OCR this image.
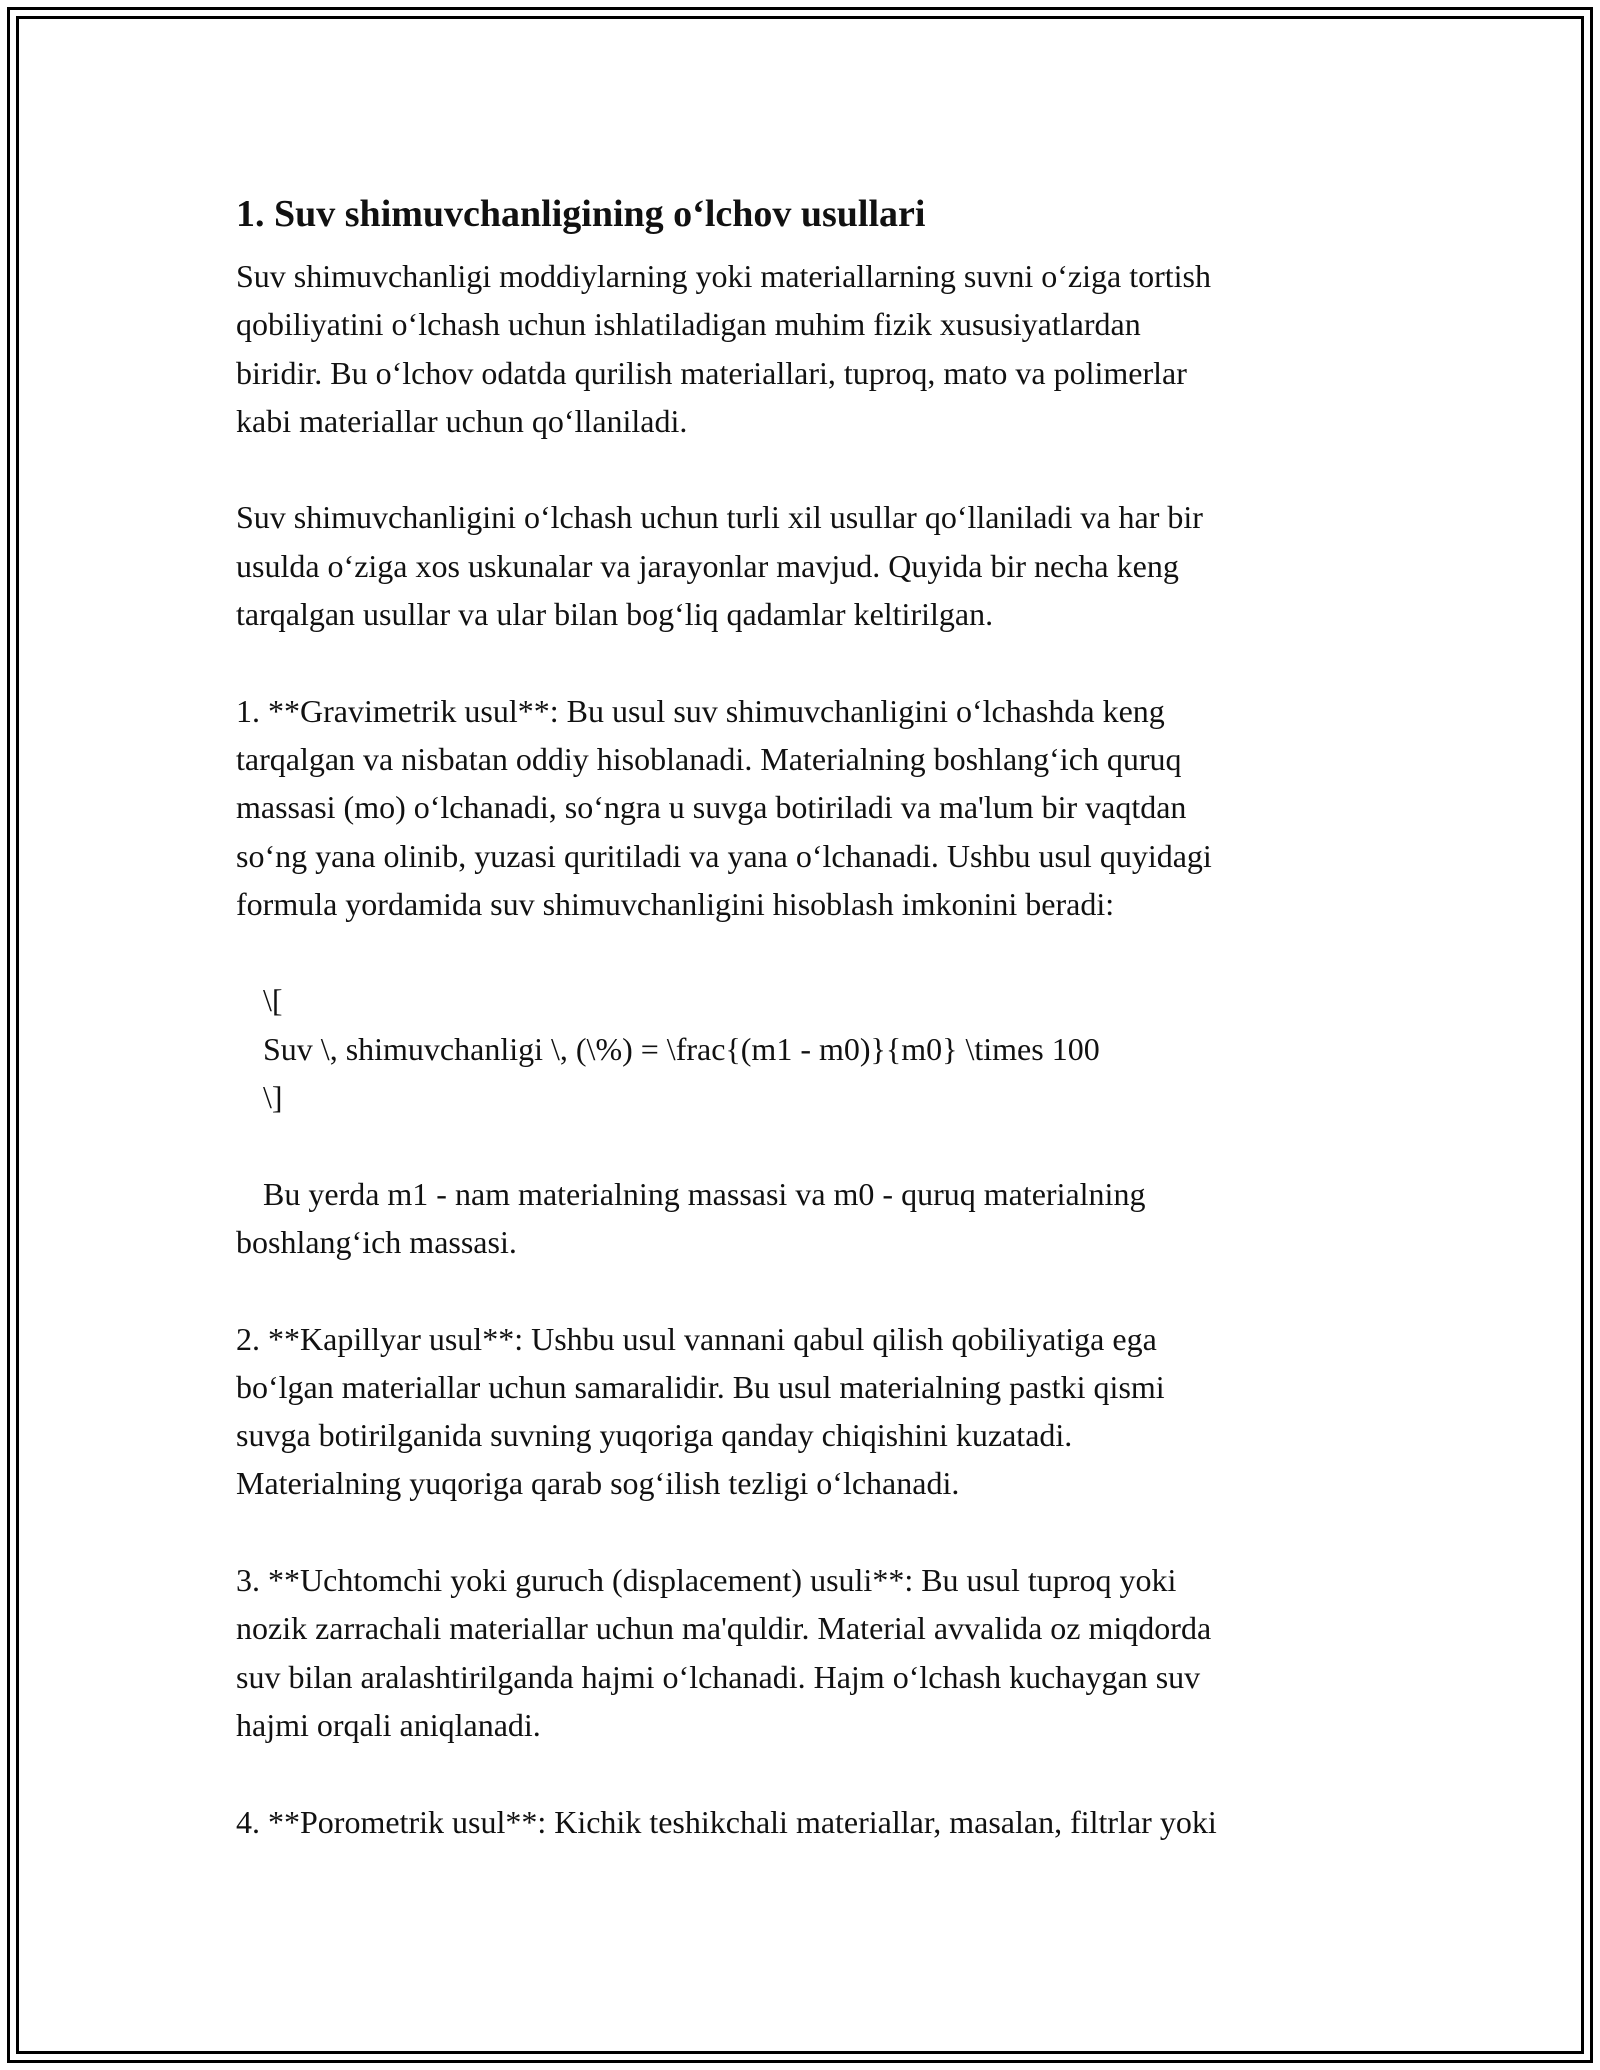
1. Suv shimuvchanligining o‘lchov usullari
Suv shimuvchanligi moddiylarning yoki materiallarning suvni o‘ziga tortish
qobiliyatini o‘lchash uchun ishlatiladigan muhim fizik xususiyatlardan
biridir. Bu o‘lchov odatda qurilish materiallari, tuproq, mato va polimerlar
kabi materiallar uchun qo‘llaniladi.
Suv shimuvchanligini o‘lchash uchun turli xil usullar qo‘llaniladi va har bir
usulda o‘ziga xos uskunalar va jarayonlar mavjud. Quyida bir necha keng
tarqalgan usullar va ular bilan bog‘liq qadamlar keltirilgan.
1. **Gravimetrik usul**: Bu usul suv shimuvchanligini o‘lchashda keng
tarqalgan va nisbatan oddiy hisoblanadi. Materialning boshlang‘ich quruq
massasi (mo) o‘lchanadi, so‘ngra u suvga botiriladi va ma'lum bir vaqtdan
so‘ng yana olinib, yuzasi quritiladi va yana o‘lchanadi. Ushbu usul quyidagi
formula yordamida suv shimuvchanligini hisoblash imkonini beradi:
\[
Suv \, shimuvchanligi \, (\%) = \frac{(m1 - m0)}{m0} \times 100
\]
Bu yerda m1 - nam materialning massasi va m0 - quruq materialning
boshlang‘ich massasi.
2. **Kapillyar usul**: Ushbu usul vannani qabul qilish qobiliyatiga ega
bo‘lgan materiallar uchun samaralidir. Bu usul materialning pastki qismi
suvga botirilganida suvning yuqoriga qanday chiqishini kuzatadi.
Materialning yuqoriga qarab sog‘ilish tezligi o‘lchanadi.
3. **Uchtomchi yoki guruch (displacement) usuli**: Bu usul tuproq yoki
nozik zarrachali materiallar uchun ma'quldir. Material avvalida oz miqdorda
suv bilan aralashtirilganda hajmi o‘lchanadi. Hajm o‘lchash kuchaygan suv
hajmi orqali aniqlanadi.
4. **Porometrik usul**: Kichik teshikchali materiallar, masalan, filtrlar yoki
